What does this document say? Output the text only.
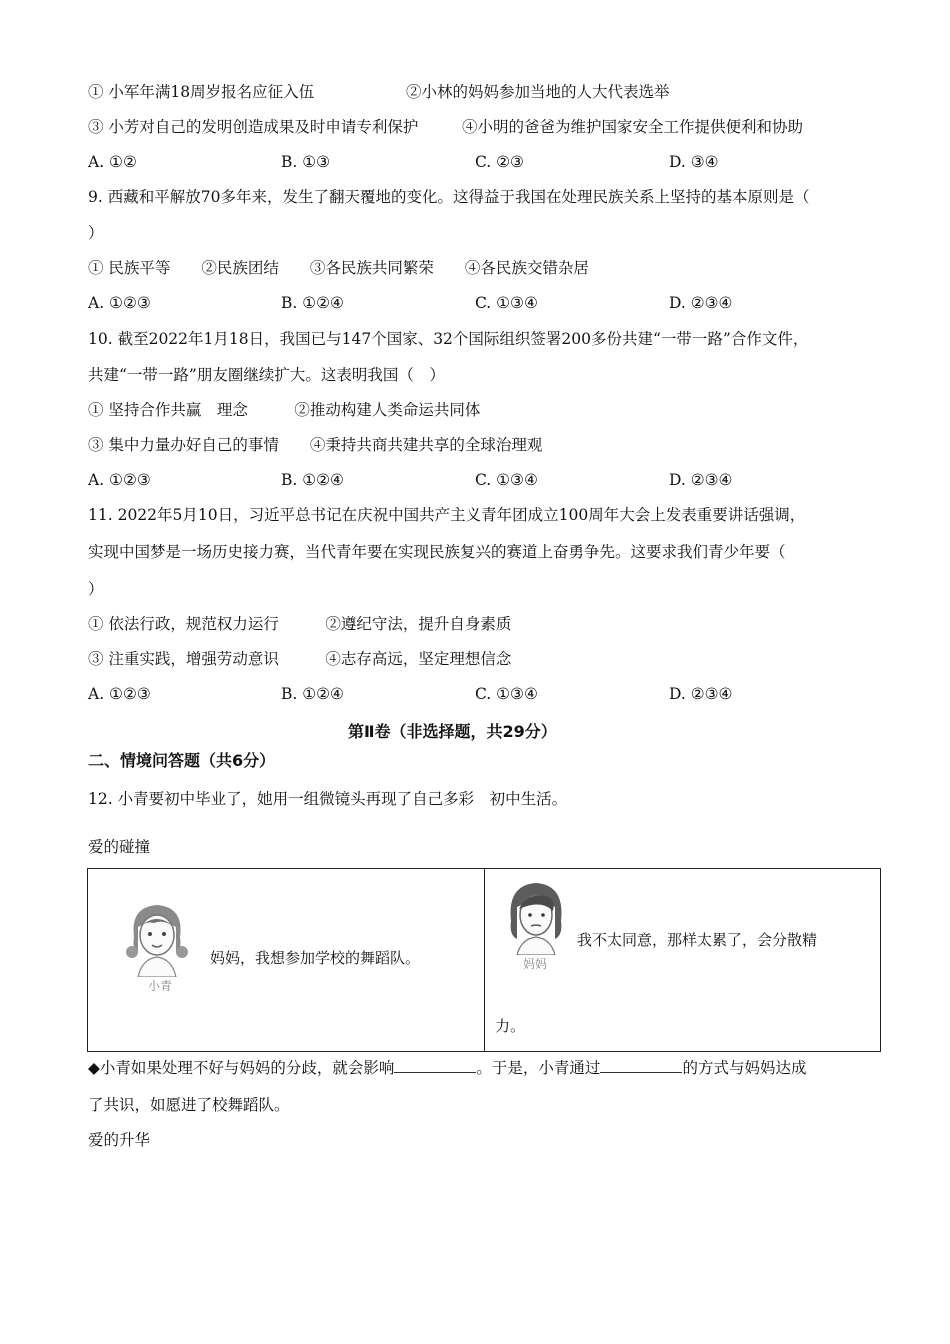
① 小军年满18周岁报名应征入伍	②小林的妈妈参加当地的人大代表选举
③ 小芳对自己的发明创造成果及时申请专利保护	④小明的爸爸为维护国家安全工作提供便利和协助
A. ①②	B. ①③	C. ②③	D. ③④
9. 西藏和平解放70多年来，发生了翻天覆地的变化。这得益于我国在处理民族关系上坚持的基本原则是（
）
① 民族平等　　②民族团结　　③各民族共同繁荣　　④各民族交错杂居
A. ①②③	B. ①②④	C. ①③④	D. ②③④
10. 截至2022年1月18日，我国已与147个国家、32个国际组织签署200多份共建“一带一路”合作文件，
共建“一带一路”朋友圈继续扩大。这表明我国（　）
① 坚持合作共赢　理念　　　②推动构建人类命运共同体
③ 集中力量办好自己的事情　　④秉持共商共建共享的全球治理观
A. ①②③	B. ①②④	C. ①③④	D. ②③④
11. 2022年5月10日，习近平总书记在庆祝中国共产主义青年团成立100周年大会上发表重要讲话强调，
实现中国梦是一场历史接力赛，当代青年要在实现民族复兴的赛道上奋勇争先。这要求我们青少年要（
）
① 依法行政，规范权力运行　　　②遵纪守法，提升自身素质
③ 注重实践，增强劳动意识　　　④志存高远，坚定理想信念
A. ①②③	B. ①②④	C. ①③④	D. ②③④
第Ⅱ卷（非选择题，共29分）
二、情境问答题（共6分）
12. 小青要初中毕业了，她用一组微镜头再现了自己多彩　初中生活。
爱的碰撞
小青
妈妈，我想参加学校的舞蹈队。	妈妈
我不太同意，那样太累了，会分散精
力。
◆小青如果处理不好与妈妈的分歧，就会影响	。于是，小青通过	的方式与妈妈达成
了共识，如愿进了校舞蹈队。
爱的升华
